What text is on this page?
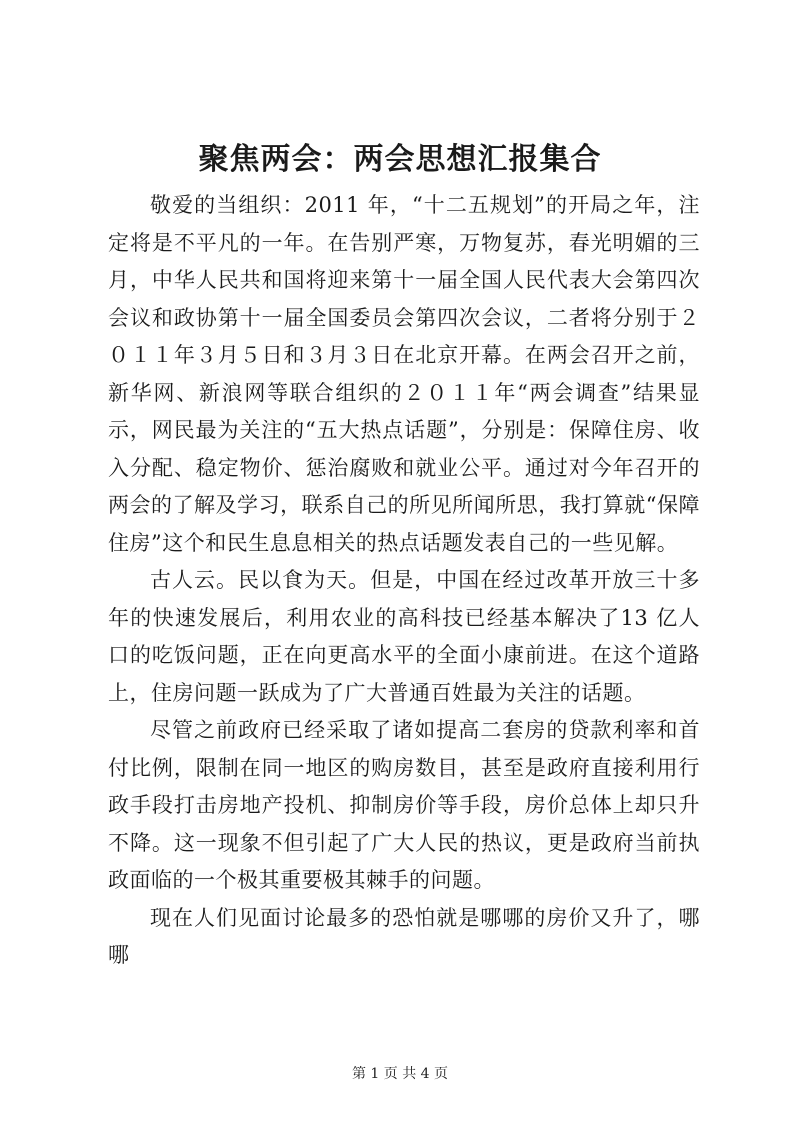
聚焦两会：两会思想汇报集合

敬爱的当组织：2011 年，“十二五规划”的开局之年，注定将是不平凡的一年。在告别严寒，万物复苏，春光明媚的三月，中华人民共和国将迎来第十一届全国人民代表大会第四次会议和政协第十一届全国委员会第四次会议，二者将分别于２０１１年３月５日和３月３日在北京开幕。在两会召开之前，新华网、新浪网等联合组织的２０１１年“两会调查”结果显示，网民最为关注的“五大热点话题”，分别是：保障住房、收入分配、稳定物价、惩治腐败和就业公平。通过对今年召开的两会的了解及学习，联系自己的所见所闻所思，我打算就“保障住房”这个和民生息息相关的热点话题发表自己的一些见解。

古人云。民以食为天。但是，中国在经过改革开放三十多年的快速发展后，利用农业的高科技已经基本解决了13 亿人口的吃饭问题，正在向更高水平的全面小康前进。在这个道路上，住房问题一跃成为了广大普通百姓最为关注的话题。

尽管之前政府已经采取了诸如提高二套房的贷款利率和首付比例，限制在同一地区的购房数目，甚至是政府直接利用行政手段打击房地产投机、抑制房价等手段，房价总体上却只升不降。这一现象不但引起了广大人民的热议，更是政府当前执政面临的一个极其重要极其棘手的问题。

现在人们见面讨论最多的恐怕就是哪哪的房价又升了，哪哪

第 1 页 共 4 页
